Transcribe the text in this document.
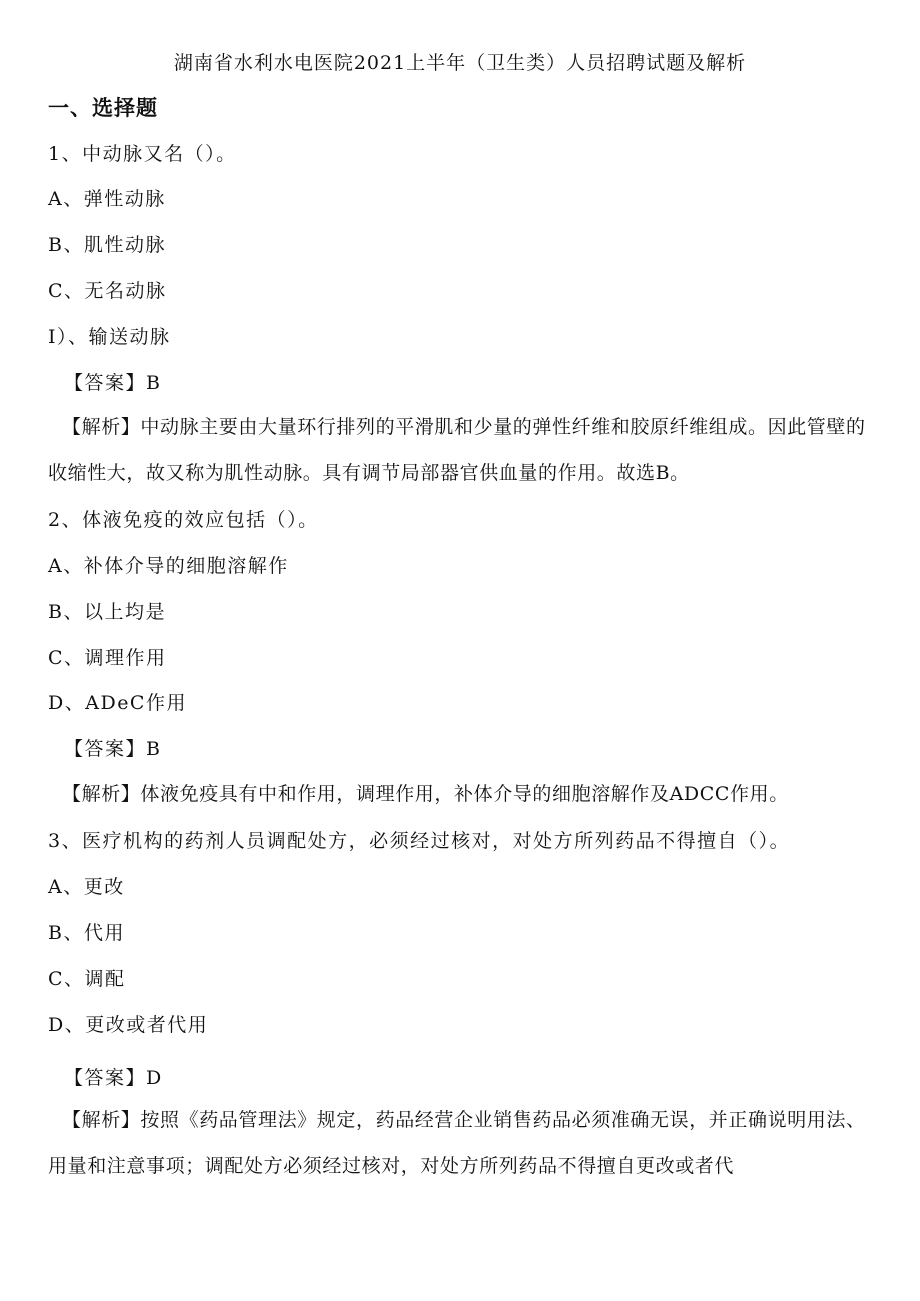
湖南省水利水电医院2021上半年（卫生类）人员招聘试题及解析
一、选择题
1、中动脉又名（）。
A、弹性动脉
B、肌性动脉
C、无名动脉
I）、输送动脉
【答案】B
【解析】中动脉主要由大量环行排列的平滑肌和少量的弹性纤维和胶原纤维组成。因此管壁的收缩性大，故又称为肌性动脉。具有调节局部器官供血量的作用。故选B。
2、体液免疫的效应包括（）。
A、补体介导的细胞溶解作
B、以上均是
C、调理作用
D、ADeC作用
【答案】B
【解析】体液免疫具有中和作用，调理作用，补体介导的细胞溶解作及ADCC作用。
3、医疗机构的药剂人员调配处方，必须经过核对，对处方所列药品不得擅自（）。
A、更改
B、代用
C、调配
D、更改或者代用
【答案】D
【解析】按照《药品管理法》规定，药品经营企业销售药品必须准确无误，并正确说明用法、用量和注意事项；调配处方必须经过核对，对处方所列药品不得擅自更改或者代
